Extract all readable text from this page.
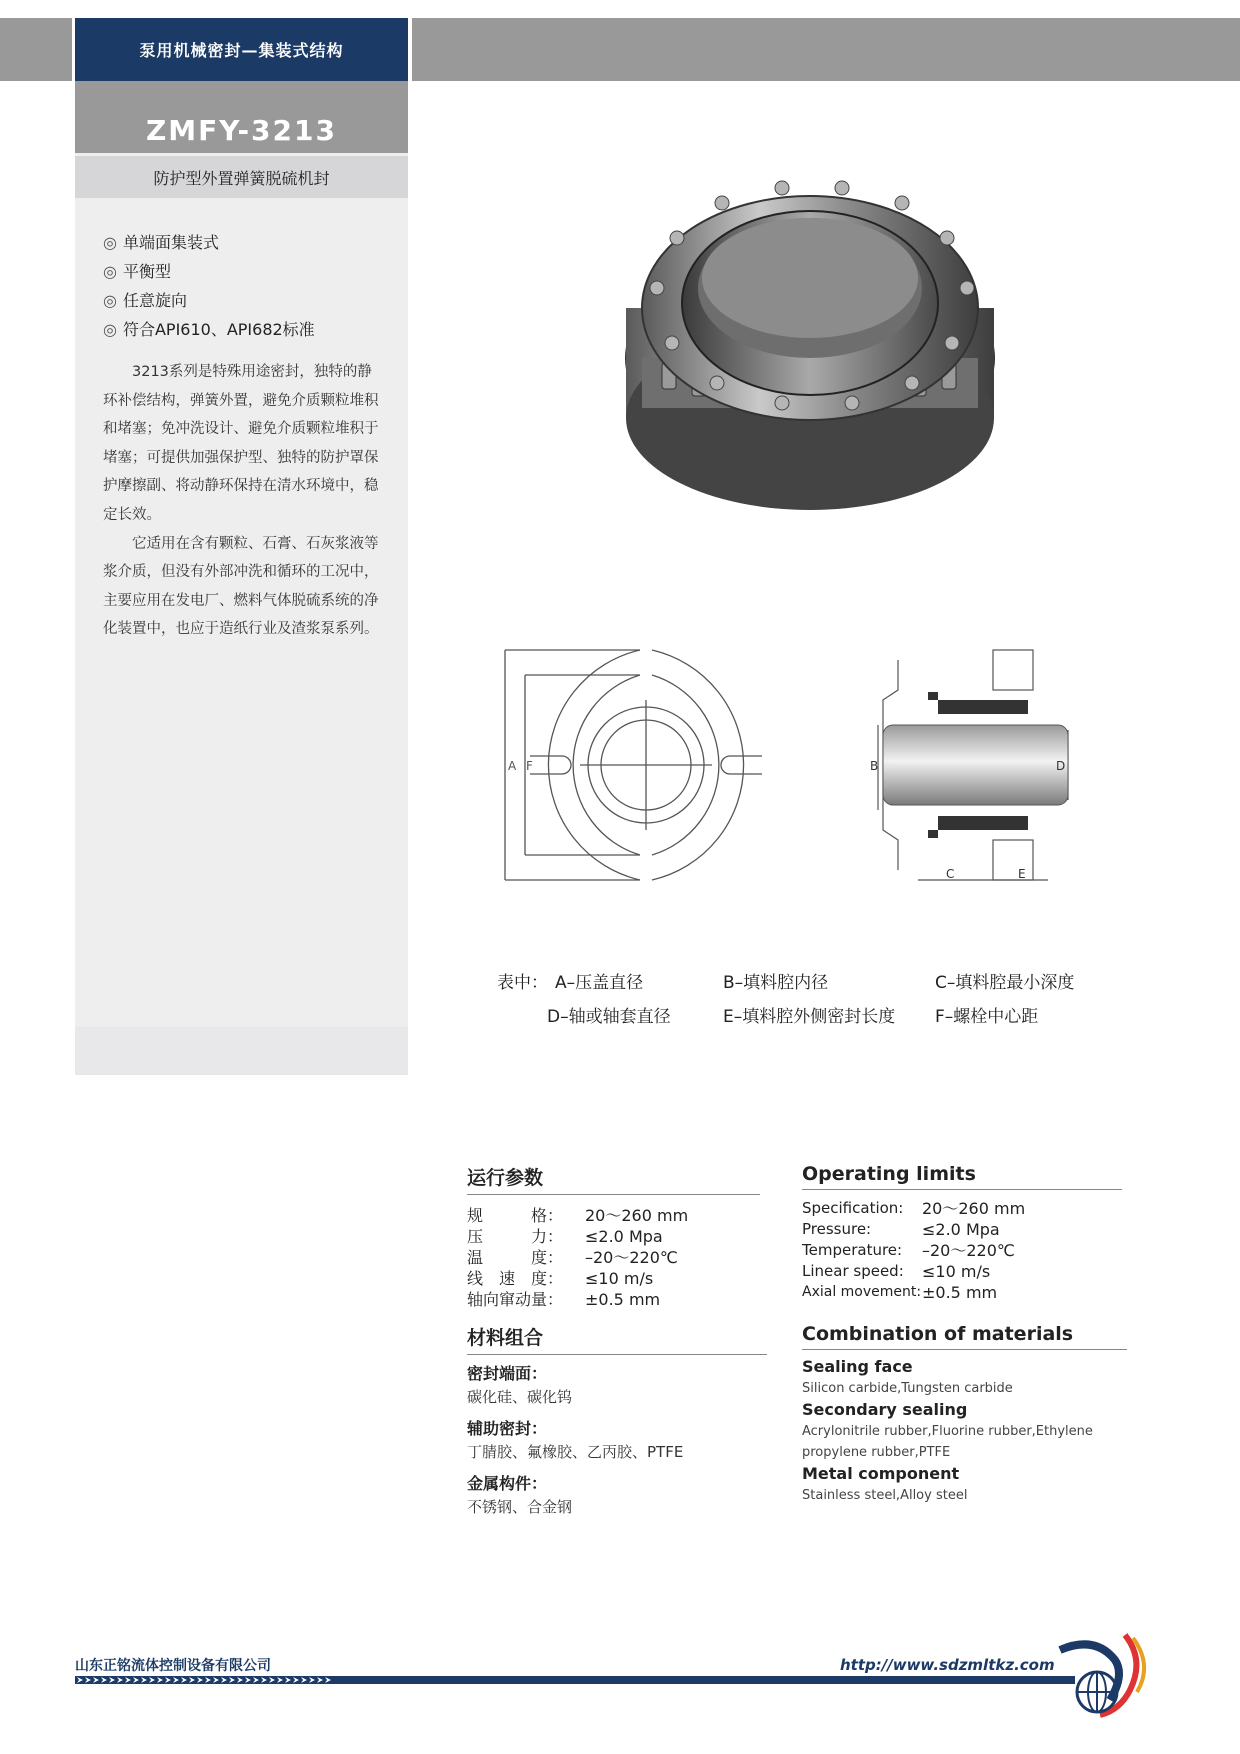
泵用机械密封—集装式结构
ZMFY-3213
防护型外置弹簧脱硫机封
◎ 单端面集装式
◎ 平衡型
◎ 任意旋向
◎ 符合API610、API682标准

3213系列是特殊用途密封，独特的静环补偿结构，弹簧外置，避免介质颗粒堆积和堵塞；免冲洗设计、避免介质颗粒堆积于堵塞；可提供加强保护型、独特的防护罩保护摩擦副、将动静环保持在清水环境中，稳定长效。

它适用在含有颗粒、石膏、石灰浆液等浆介质，但没有外部冲洗和循环的工况中，主要应用在发电厂、燃料气体脱硫系统的净化装置中，也应于造纸行业及渣浆泵系列。

A F	B	D
C	E
表中： A–压盖直径	B–填料腔内径	C–填料腔最小深度
D–轴或轴套直径	E–填料腔外侧密封长度	F–螺栓中心距
运行参数
规　　　格：	20～260 mm
压　　　力：	≤2.0 Mpa
温　　　度：	–20～220℃
线　速　度：	≤10 m/s
轴向窜动量：	±0.5 mm
Operating limits
Specification:	20～260 mm
Pressure:	≤2.0 Mpa
Temperature:	–20～220℃
Linear speed:	≤10 m/s
Axial movement: ±0.5 mm
材料组合
密封端面：
碳化硅、碳化钨
辅助密封：
丁腈胶、氟橡胶、乙丙胶、PTFE
金属构件：
不锈钢、合金钢
Combination of materials
Sealing face
Silicon carbide,Tungsten carbide
Secondary sealing
Acrylonitrile rubber,Fluorine rubber,Ethylene propylene rubber,PTFE
Metal component
Stainless steel,Alloy steel
山东正铭流体控制设备有限公司	http://www.sdzmltkz.com
